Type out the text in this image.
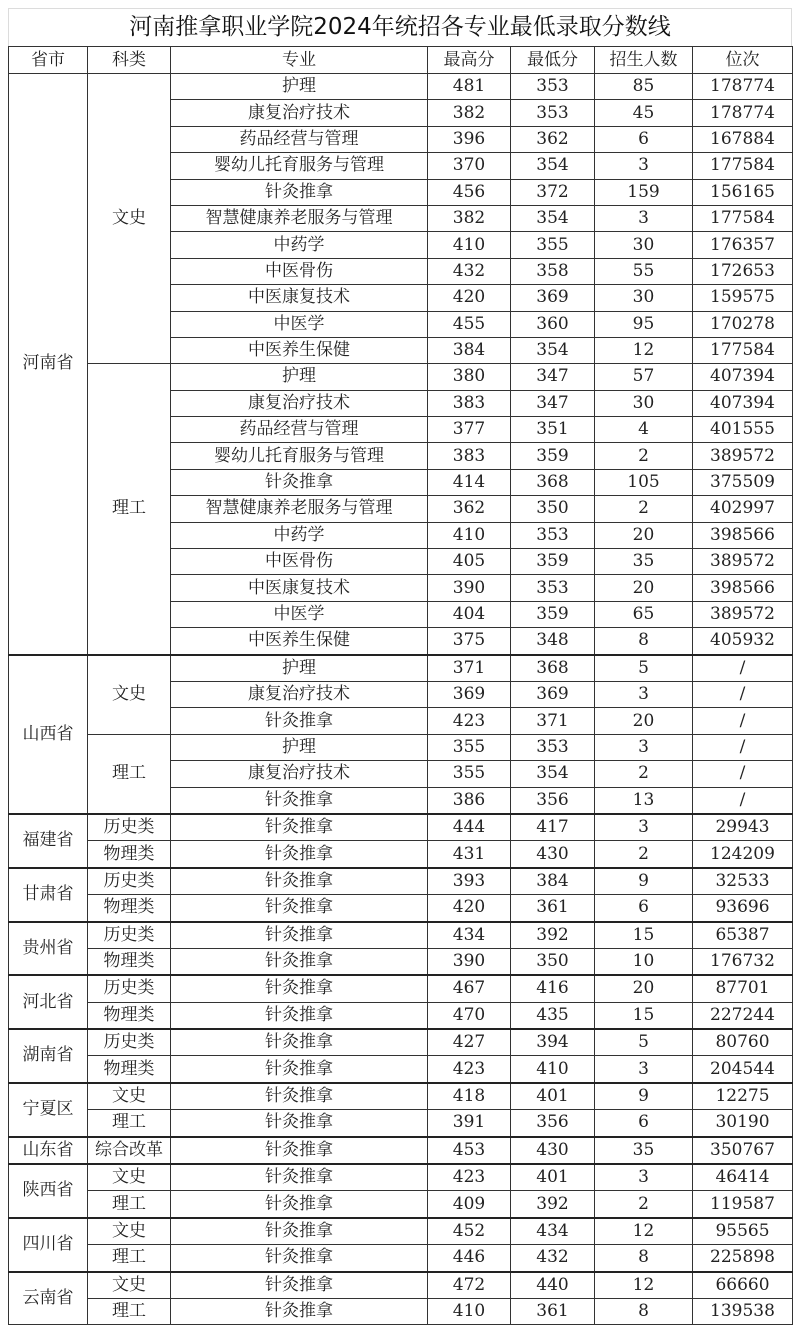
河南推拿职业学院2024年统招各专业最低录取分数线
省市	科类	专业	最高分	最低分	招生人数	位次
河南省	文史	护理	481	353	85	178774
		康复治疗技术	382	353	45	178774
		药品经营与管理	396	362	6	167884
		婴幼儿托育服务与管理	370	354	3	177584
		针灸推拿	456	372	159	156165
		智慧健康养老服务与管理	382	354	3	177584
		中药学	410	355	30	176357
		中医骨伤	432	358	55	172653
		中医康复技术	420	369	30	159575
		中医学	455	360	95	170278
		中医养生保健	384	354	12	177584
	理工	护理	380	347	57	407394
		康复治疗技术	383	347	30	407394
		药品经营与管理	377	351	4	401555
		婴幼儿托育服务与管理	383	359	2	389572
		针灸推拿	414	368	105	375509
		智慧健康养老服务与管理	362	350	2	402997
		中药学	410	353	20	398566
		中医骨伤	405	359	35	389572
		中医康复技术	390	353	20	398566
		中医学	404	359	65	389572
		中医养生保健	375	348	8	405932
山西省	文史	护理	371	368	5	/
		康复治疗技术	369	369	3	/
		针灸推拿	423	371	20	/
	理工	护理	355	353	3	/
		康复治疗技术	355	354	2	/
		针灸推拿	386	356	13	/
福建省	历史类	针灸推拿	444	417	3	29943
	物理类	针灸推拿	431	430	2	124209
甘肃省	历史类	针灸推拿	393	384	9	32533
	物理类	针灸推拿	420	361	6	93696
贵州省	历史类	针灸推拿	434	392	15	65387
	物理类	针灸推拿	390	350	10	176732
河北省	历史类	针灸推拿	467	416	20	87701
	物理类	针灸推拿	470	435	15	227244
湖南省	历史类	针灸推拿	427	394	5	80760
	物理类	针灸推拿	423	410	3	204544
宁夏区	文史	针灸推拿	418	401	9	12275
	理工	针灸推拿	391	356	6	30190
山东省	综合改革	针灸推拿	453	430	35	350767
陕西省	文史	针灸推拿	423	401	3	46414
	理工	针灸推拿	409	392	2	119587
四川省	文史	针灸推拿	452	434	12	95565
	理工	针灸推拿	446	432	8	225898
云南省	文史	针灸推拿	472	440	12	66660
	理工	针灸推拿	410	361	8	139538
